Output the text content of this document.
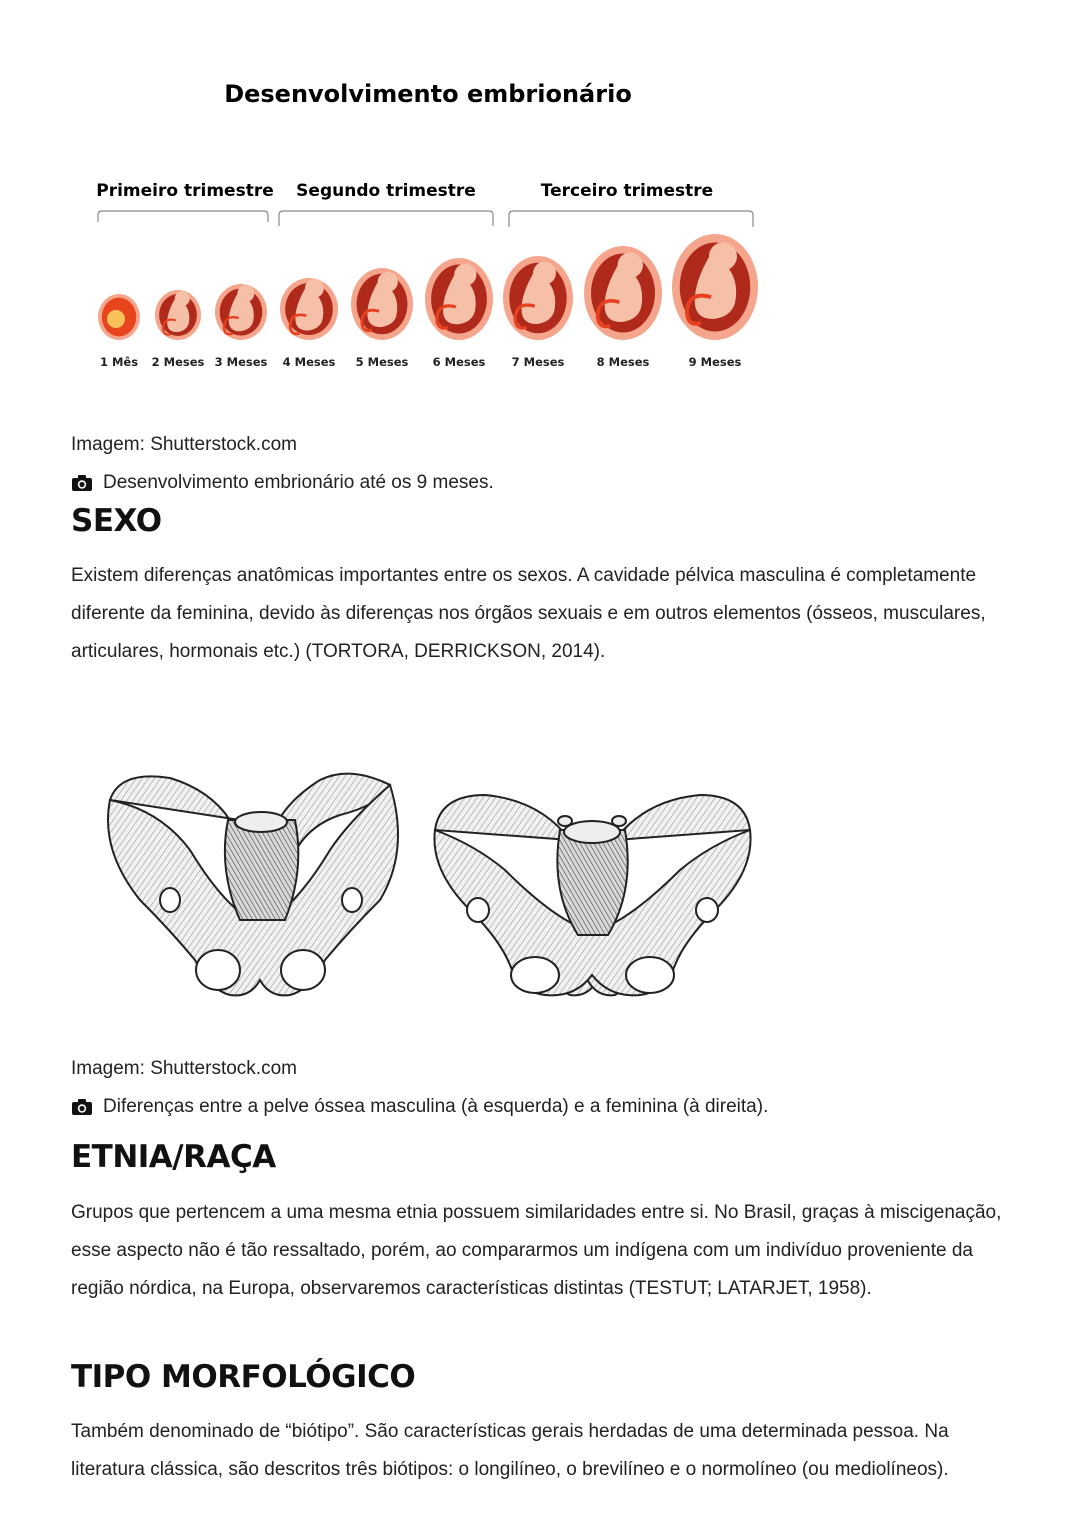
Desenvolvimento embrionário
Primeiro trimestre Segundo trimestre	Terceiro trimestre
1 Mês 2 Meses 3 Meses 4 Meses 5 Meses 6 Meses 7 Meses	8 Meses	9 Meses
Imagem: Shutterstock.com
Desenvolvimento embrionário até os 9 meses.
SEXO

Existem diferenças anatômicas importantes entre os sexos. A cavidade pélvica masculina é completamente diferente da feminina, devido às diferenças nos órgãos sexuais e em outros elementos (ósseos, musculares, articulares, hormonais etc.) (TORTORA, DERRICKSON, 2014).

Imagem: Shutterstock.com
Diferenças entre a pelve óssea masculina (à esquerda) e a feminina (à direita).
ETNIA/RAÇA

Grupos que pertencem a uma mesma etnia possuem similaridades entre si. No Brasil, graças à miscigenação, esse aspecto não é tão ressaltado, porém, ao compararmos um indígena com um indivíduo proveniente da região nórdica, na Europa, observaremos características distintas (TESTUT; LATARJET, 1958).

TIPO MORFOLÓGICO

Também denominado de “biótipo”. São características gerais herdadas de uma determinada pessoa. Na literatura clássica, são descritos três biótipos: o longilíneo, o brevilíneo e o normolíneo (ou mediolíneos).
